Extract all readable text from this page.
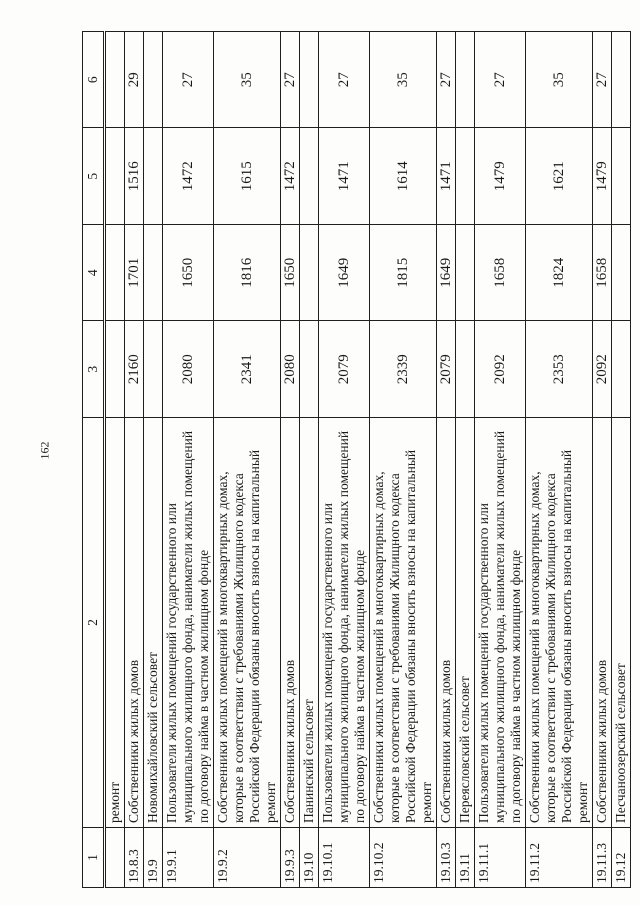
162
1	2	3	4	5	6
	ремонт				
19.8.3	Собственники жилых домов	2160	1701	1516	29
19.9	Новомихайловский сельсовет				
19.9.1	Пользователи жилых помещений государственного или муниципального жилищного фонда, наниматели жилых помещений по договору найма в частном жилищном фонде	2080	1650	1472	27
19.9.2	Собственники жилых помещений в многоквартирных домах, которые в соответствии с требованиями Жилищного кодекса Российской Федерации обязаны вносить взносы на капитальный ремонт	2341	1816	1615	35
19.9.3	Собственники жилых домов	2080	1650	1472	27
19.10	Панинский сельсовет				
19.10.1	Пользователи жилых помещений государственного или муниципального жилищного фонда, наниматели жилых помещений по договору найма в частном жилищном фонде	2079	1649	1471	27
19.10.2	Собственники жилых помещений в многоквартирных домах, которые в соответствии с требованиями Жилищного кодекса Российской Федерации обязаны вносить взносы на капитальный ремонт	2339	1815	1614	35
19.10.3	Собственники жилых домов	2079	1649	1471	27
19.11	Переясловский сельсовет				
19.11.1	Пользователи жилых помещений государственного или муниципального жилищного фонда, наниматели жилых помещений по договору найма в частном жилищном фонде	2092	1658	1479	27
19.11.2	Собственники жилых помещений в многоквартирных домах, которые в соответствии с требованиями Жилищного кодекса Российской Федерации обязаны вносить взносы на капитальный ремонт	2353	1824	1621	35
19.11.3	Собственники жилых домов	2092	1658	1479	27
19.12	Песчаноозерский сельсовет				
